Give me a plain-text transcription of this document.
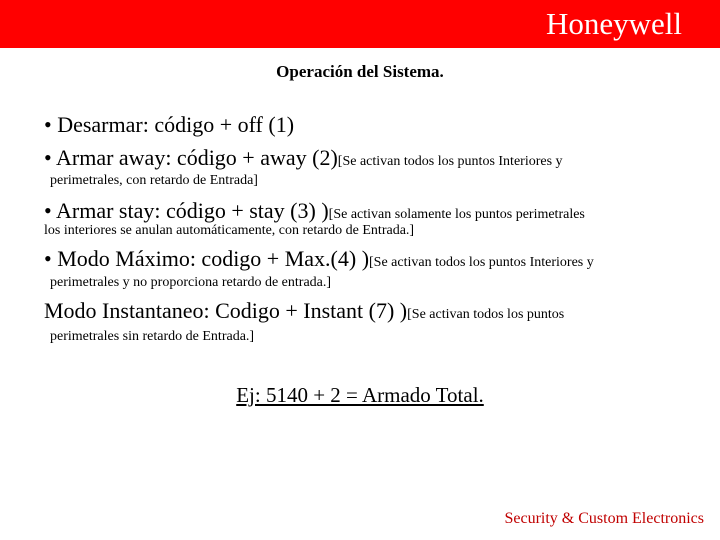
Honeywell
Operación del Sistema.
• Desarmar: código + off (1)
• Armar away: código + away (2)[Se activan todos los puntos Interiores y
perimetrales, con retardo de Entrada]
• Armar stay: código + stay (3) )[Se activan solamente los puntos perimetrales
los interiores se anulan automáticamente, con retardo de Entrada.]
• Modo Máximo: codigo + Max.(4) )[Se activan todos los puntos Interiores y
perimetrales y no proporciona retardo de entrada.]
Modo Instantaneo: Codigo + Instant (7) )[Se activan todos los puntos
perimetrales sin retardo de Entrada.]
Ej: 5140 + 2 = Armado Total.
Security & Custom Electronics
